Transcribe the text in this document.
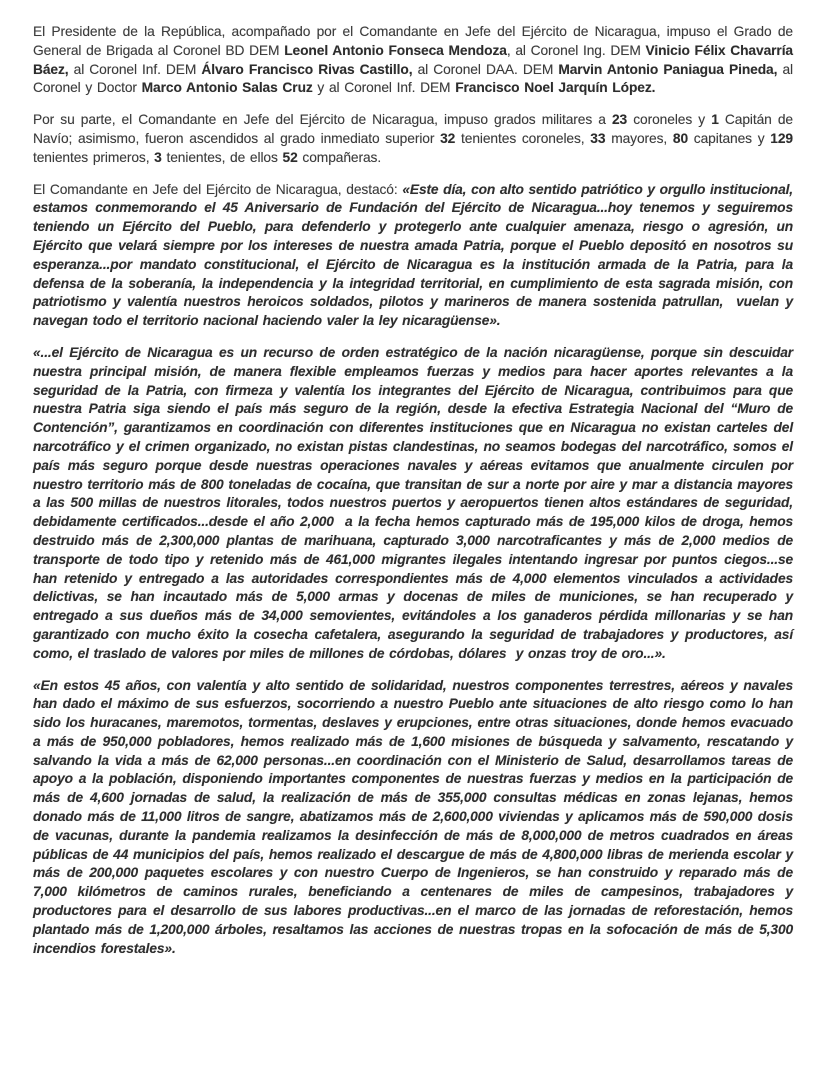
El Presidente de la República, acompañado por el Comandante en Jefe del Ejército de Nicaragua, impuso el Grado de General de Brigada al Coronel BD DEM Leonel Antonio Fonseca Mendoza, al Coronel Ing. DEM Vinicio Félix Chavarría Báez, al Coronel Inf. DEM Álvaro Francisco Rivas Castillo, al Coronel DAA. DEM Marvin Antonio Paniagua Pineda, al Coronel y Doctor Marco Antonio Salas Cruz y al Coronel Inf. DEM Francisco Noel Jarquín López.

Por su parte, el Comandante en Jefe del Ejército de Nicaragua, impuso grados militares a 23 coroneles y 1 Capitán de Navío; asimismo, fueron ascendidos al grado inmediato superior 32 tenientes coroneles, 33 mayores, 80 capitanes y 129 tenientes primeros, 3 tenientes, de ellos 52 compañeras.

El Comandante en Jefe del Ejército de Nicaragua, destacó: «Este día, con alto sentido patriótico y orgullo institucional, estamos conmemorando el 45 Aniversario de Fundación del Ejército de Nicaragua...hoy tenemos y seguiremos teniendo un Ejército del Pueblo, para defenderlo y protegerlo ante cualquier amenaza, riesgo o agresión, un Ejército que velará siempre por los intereses de nuestra amada Patria, porque el Pueblo depositó en nosotros su esperanza...por mandato constitucional, el Ejército de Nicaragua es la institución armada de la Patria, para la defensa de la soberanía, la independencia y la integridad territorial, en cumplimiento de esta sagrada misión, con patriotismo y valentía nuestros heroicos soldados, pilotos y marineros de manera sostenida patrullan,  vuelan y navegan todo el territorio nacional haciendo valer la ley nicaragüense».

«...el Ejército de Nicaragua es un recurso de orden estratégico de la nación nicaragüense, porque sin descuidar nuestra principal misión, de manera flexible empleamos fuerzas y medios para hacer aportes relevantes a la seguridad de la Patria, con firmeza y valentía los integrantes del Ejército de Nicaragua, contribuimos para que nuestra Patria siga siendo el país más seguro de la región, desde la efectiva Estrategia Nacional del “Muro de Contención”, garantizamos en coordinación con diferentes instituciones que en Nicaragua no existan carteles del narcotráfico y el crimen organizado, no existan pistas clandestinas, no seamos bodegas del narcotráfico, somos el país más seguro porque desde nuestras operaciones navales y aéreas evitamos que anualmente circulen por nuestro territorio más de 800 toneladas de cocaína, que transitan de sur a norte por aire y mar a distancia mayores a las 500 millas de nuestros litorales, todos nuestros puertos y aeropuertos tienen altos estándares de seguridad, debidamente certificados...desde el año 2,000  a la fecha hemos capturado más de 195,000 kilos de droga, hemos destruido más de 2,300,000 plantas de marihuana, capturado 3,000 narcotraficantes y más de 2,000 medios de transporte de todo tipo y retenido más de 461,000 migrantes ilegales intentando ingresar por puntos ciegos...se han retenido y entregado a las autoridades correspondientes más de 4,000 elementos vinculados a actividades delictivas, se han incautado más de 5,000 armas y docenas de miles de municiones, se han recuperado y entregado a sus dueños más de 34,000 semovientes, evitándoles a los ganaderos pérdida millonarias y se han garantizado con mucho éxito la cosecha cafetalera, asegurando la seguridad de trabajadores y productores, así como, el traslado de valores por miles de millones de córdobas, dólares  y onzas troy de oro...».

«En estos 45 años, con valentía y alto sentido de solidaridad, nuestros componentes terrestres, aéreos y navales han dado el máximo de sus esfuerzos, socorriendo a nuestro Pueblo ante situaciones de alto riesgo como lo han sido los huracanes, maremotos, tormentas, deslaves y erupciones, entre otras situaciones, donde hemos evacuado a más de 950,000 pobladores, hemos realizado más de 1,600 misiones de búsqueda y salvamento, rescatando y salvando la vida a más de 62,000 personas...en coordinación con el Ministerio de Salud, desarrollamos tareas de apoyo a la población, disponiendo importantes componentes de nuestras fuerzas y medios en la participación de más de 4,600 jornadas de salud, la realización de más de 355,000 consultas médicas en zonas lejanas, hemos donado más de 11,000 litros de sangre, abatizamos más de 2,600,000 viviendas y aplicamos más de 590,000 dosis de vacunas, durante la pandemia realizamos la desinfección de más de 8,000,000 de metros cuadrados en áreas públicas de 44 municipios del país, hemos realizado el descargue de más de 4,800,000 libras de merienda escolar y más de 200,000 paquetes escolares y con nuestro Cuerpo de Ingenieros, se han construido y reparado más de 7,000 kilómetros de caminos rurales, beneficiando a centenares de miles de campesinos, trabajadores y productores para el desarrollo de sus labores productivas...en el marco de las jornadas de reforestación, hemos plantado más de 1,200,000 árboles, resaltamos las acciones de nuestras tropas en la sofocación de más de 5,300 incendios forestales».
